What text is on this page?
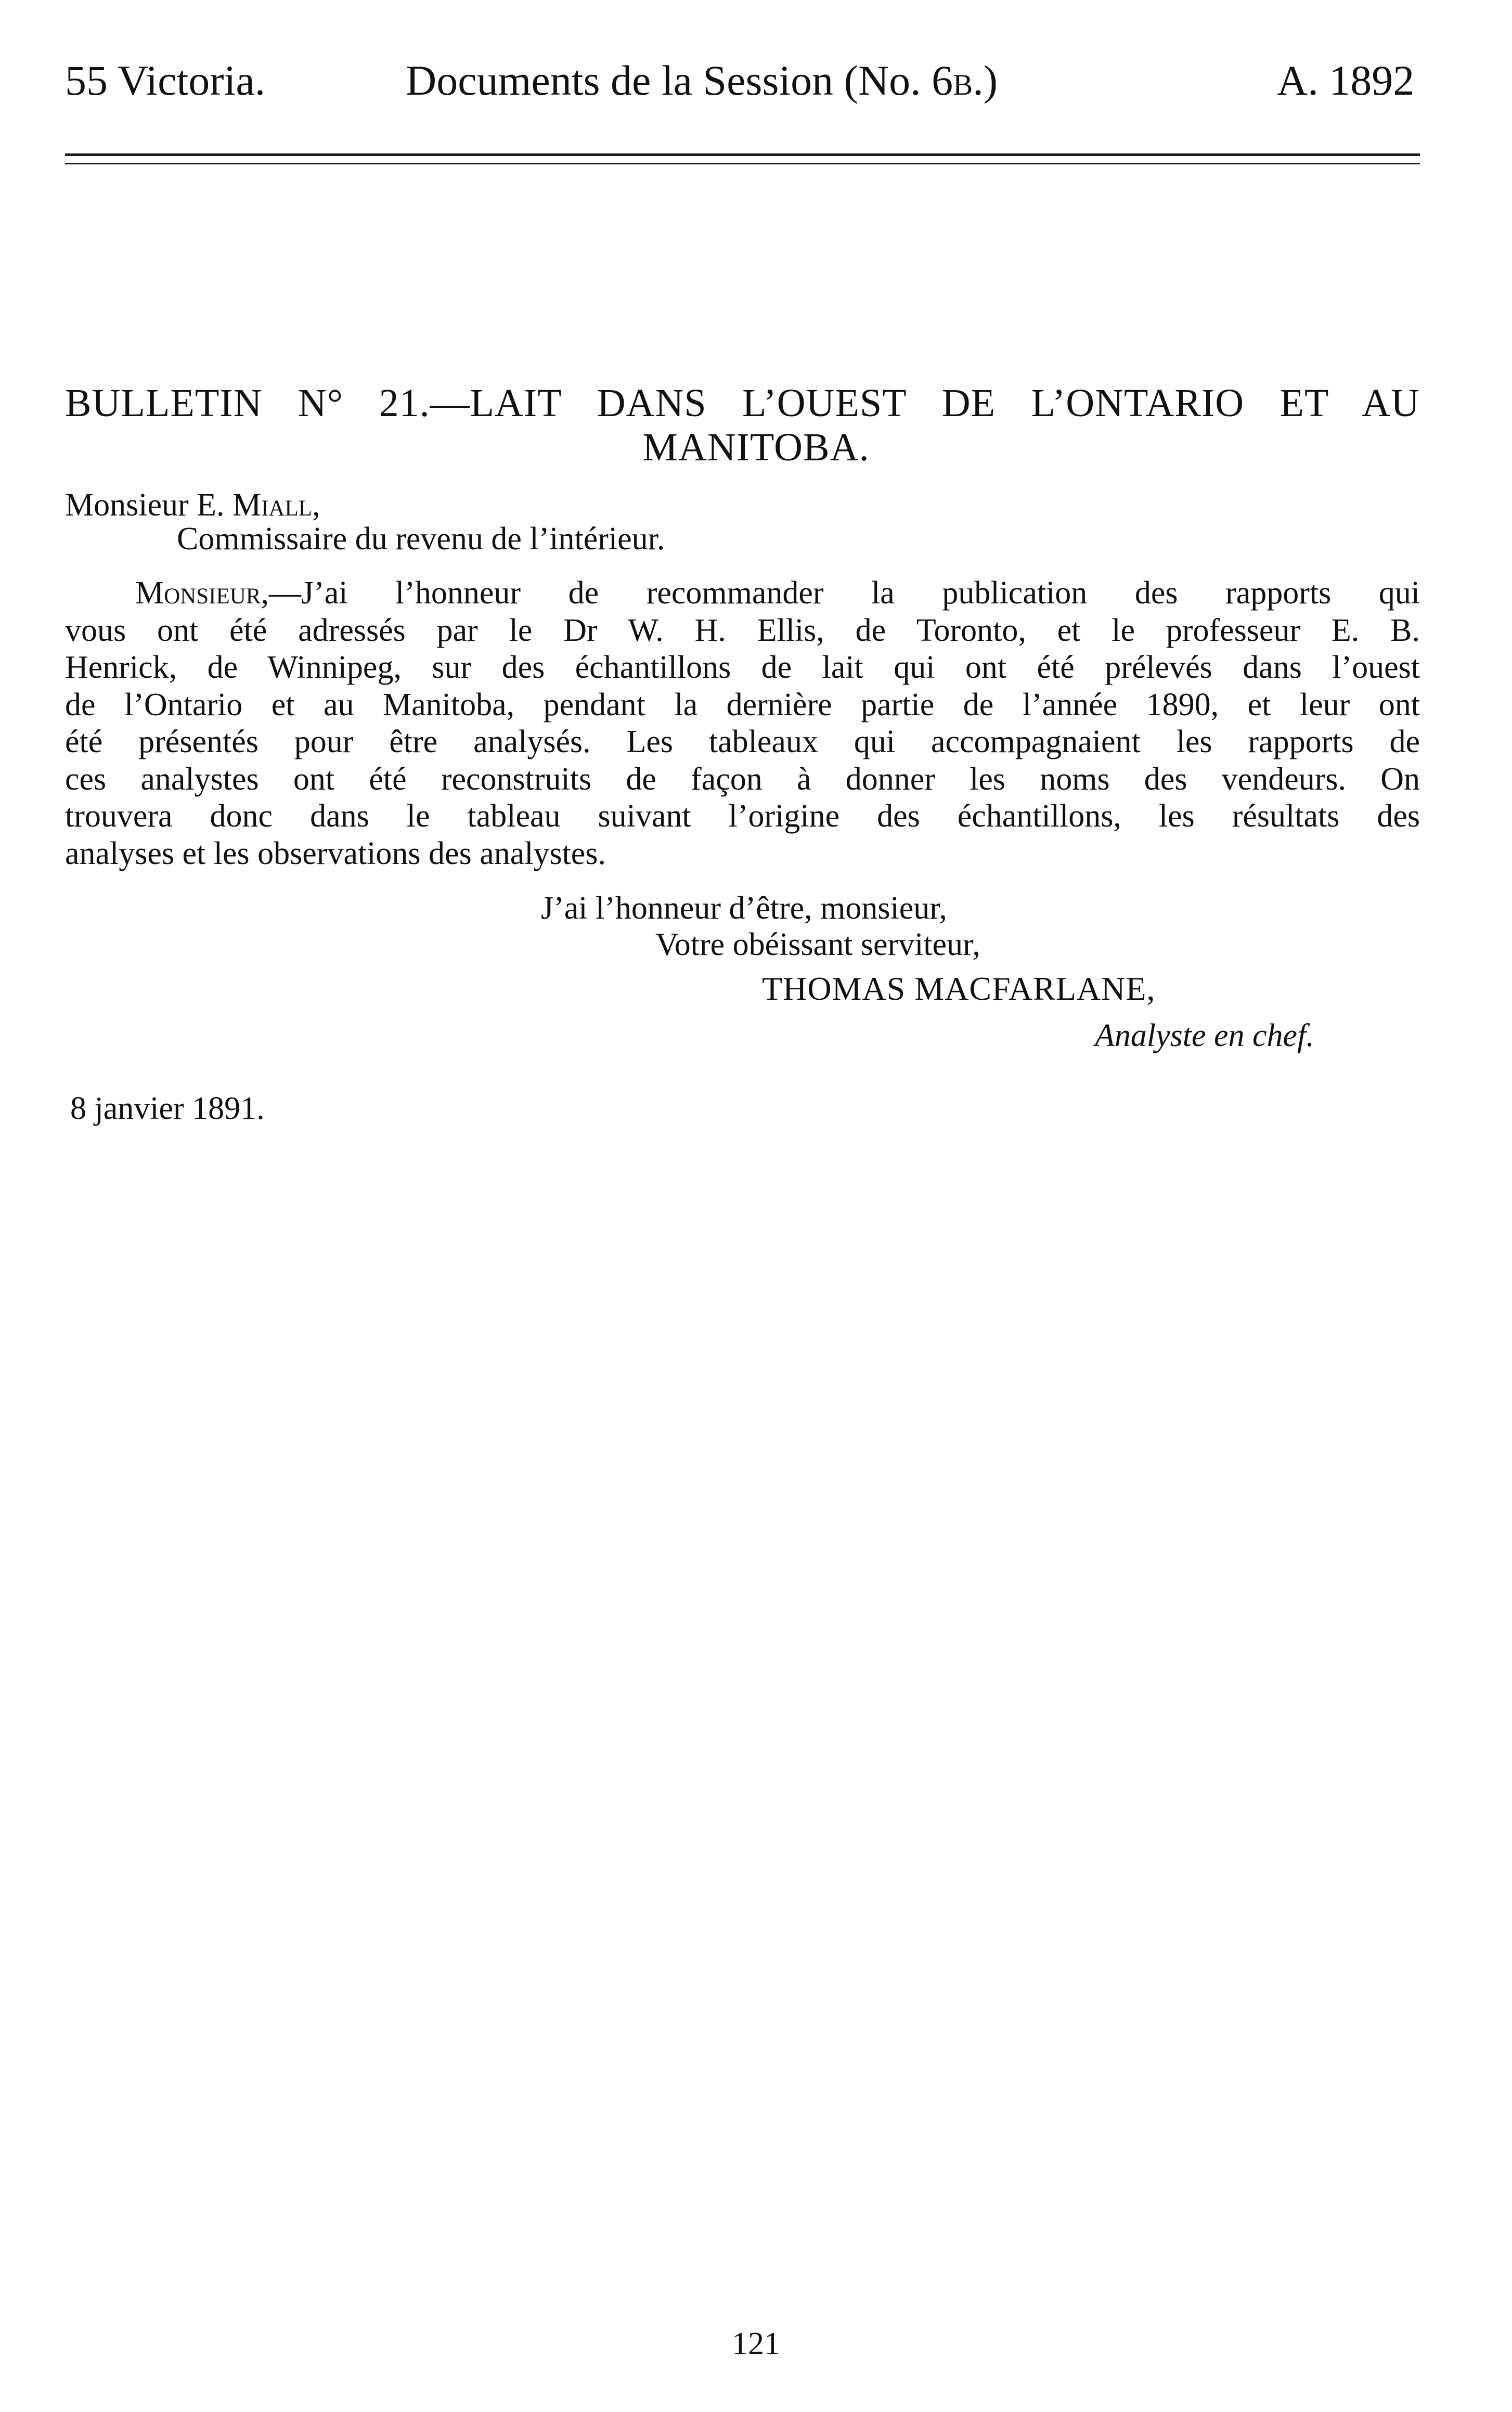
55 Victoria.	Documents de la Session (No. 6b.)	A. 1892
BULLETIN N° 21.—LAIT DANS L’OUEST DE L’ONTARIO ET AU
MANITOBA.
Monsieur E. Miall,
Commissaire du revenu de l’intérieur.
Monsieur,—J’ai l’honneur de recommander la publication des rapports qui
vous ont été adressés par le Dr W. H. Ellis, de Toronto, et le professeur E. B.
Henrick, de Winnipeg, sur des échantillons de lait qui ont été prélevés dans l’ouest
de l’Ontario et au Manitoba, pendant la dernière partie de l’année 1890, et leur ont
été présentés pour être analysés. Les tableaux qui accompagnaient les rapports de
ces analystes ont été reconstruits de façon à donner les noms des vendeurs. On
trouvera donc dans le tableau suivant l’origine des échantillons, les résultats des
analyses et les observations des analystes.
J’ai l’honneur d’être, monsieur,
Votre obéissant serviteur,
THOMAS MACFARLANE,
Analyste en chef.
8 janvier 1891.
121
